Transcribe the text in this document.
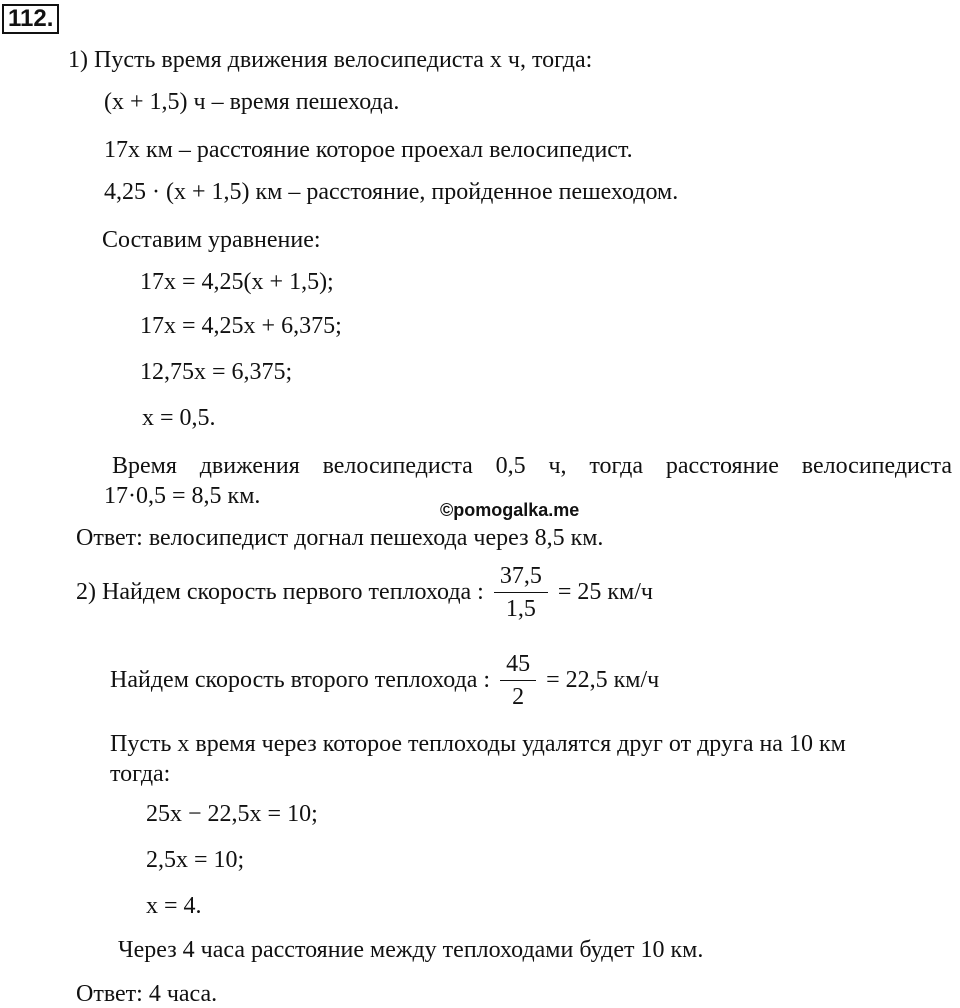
112.
1) Пусть время движения велосипедиста x ч, тогда:
(x + 1,5) ч – время пешехода.
17x км – расстояние которое проехал велосипедист.
4,25 · (x + 1,5) км – расстояние, пройденное пешеходом.
Составим уравнение:
17x = 4,25(x + 1,5);
17x = 4,25x + 6,375;
12,75x = 6,375;
x = 0,5.
Время движения велосипедиста 0,5 ч, тогда расстояние велосипедиста
17·0,5 = 8,5 км.
©pomogalka.me
Ответ: велосипедист догнал пешехода через 8,5 км.
2) Найдем скорость первого теплохода : $\frac{37,5}{1,5} = 25$ км/ч
Найдем скорость второго теплохода : $\frac{45}{2} = 22,5$ км/ч
Пусть x время через которое теплоходы удалятся друг от друга на 10 км
тогда:
25x − 22,5x = 10;
2,5x = 10;
x = 4.
Через 4 часа расстояние между теплоходами будет 10 км.
Ответ: 4 часа.
